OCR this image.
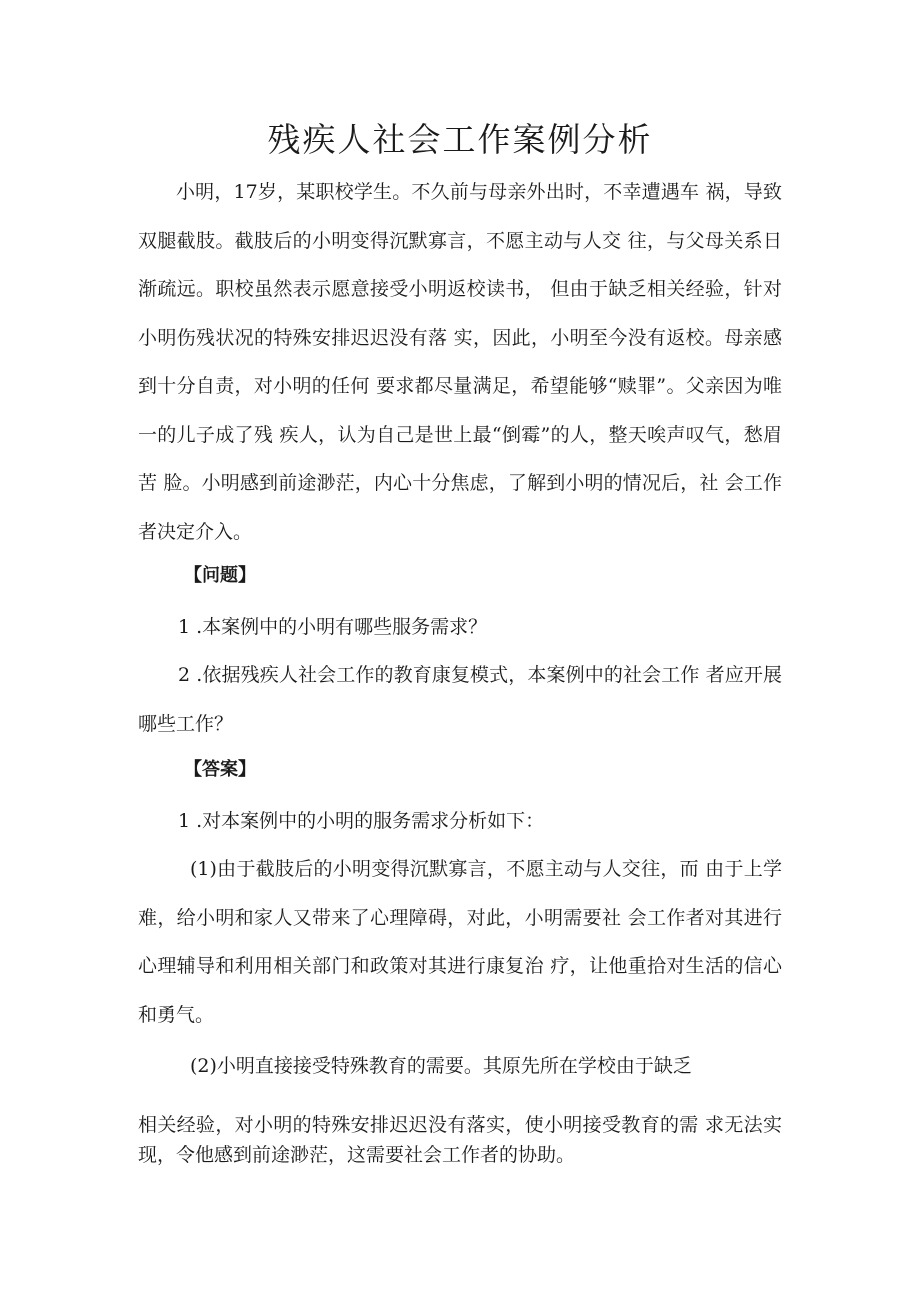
残疾人社会工作案例分析

小明，17岁，某职校学生。不久前与母亲外出时，不幸遭遇车 祸，导致双腿截肢。截肢后的小明变得沉默寡言，不愿主动与人交 往，与父母关系日渐疏远。职校虽然表示愿意接受小明返校读书， 但由于缺乏相关经验，针对小明伤残状况的特殊安排迟迟没有落 实，因此，小明至今没有返校。母亲感到十分自责，对小明的任何 要求都尽量满足，希望能够“赎罪”。父亲因为唯一的儿子成了残 疾人，认为自己是世上最“倒霉”的人，整天唉声叹气，愁眉苦 脸。小明感到前途渺茫，内心十分焦虑，了解到小明的情况后，社 会工作者决定介入。

【问题】

1 .本案例中的小明有哪些服务需求？

2 .依据残疾人社会工作的教育康复模式，本案例中的社会工作 者应开展哪些工作？

【答案】

1 .对本案例中的小明的服务需求分析如下：

(1)由于截肢后的小明变得沉默寡言，不愿主动与人交往，而 由于上学难，给小明和家人又带来了心理障碍，对此，小明需要社 会工作者对其进行心理辅导和利用相关部门和政策对其进行康复治 疗，让他重拾对生活的信心和勇气。

(2)小明直接接受特殊教育的需要。其原先所在学校由于缺乏

相关经验，对小明的特殊安排迟迟没有落实，使小明接受教育的需 求无法实现，令他感到前途渺茫，这需要社会工作者的协助。
